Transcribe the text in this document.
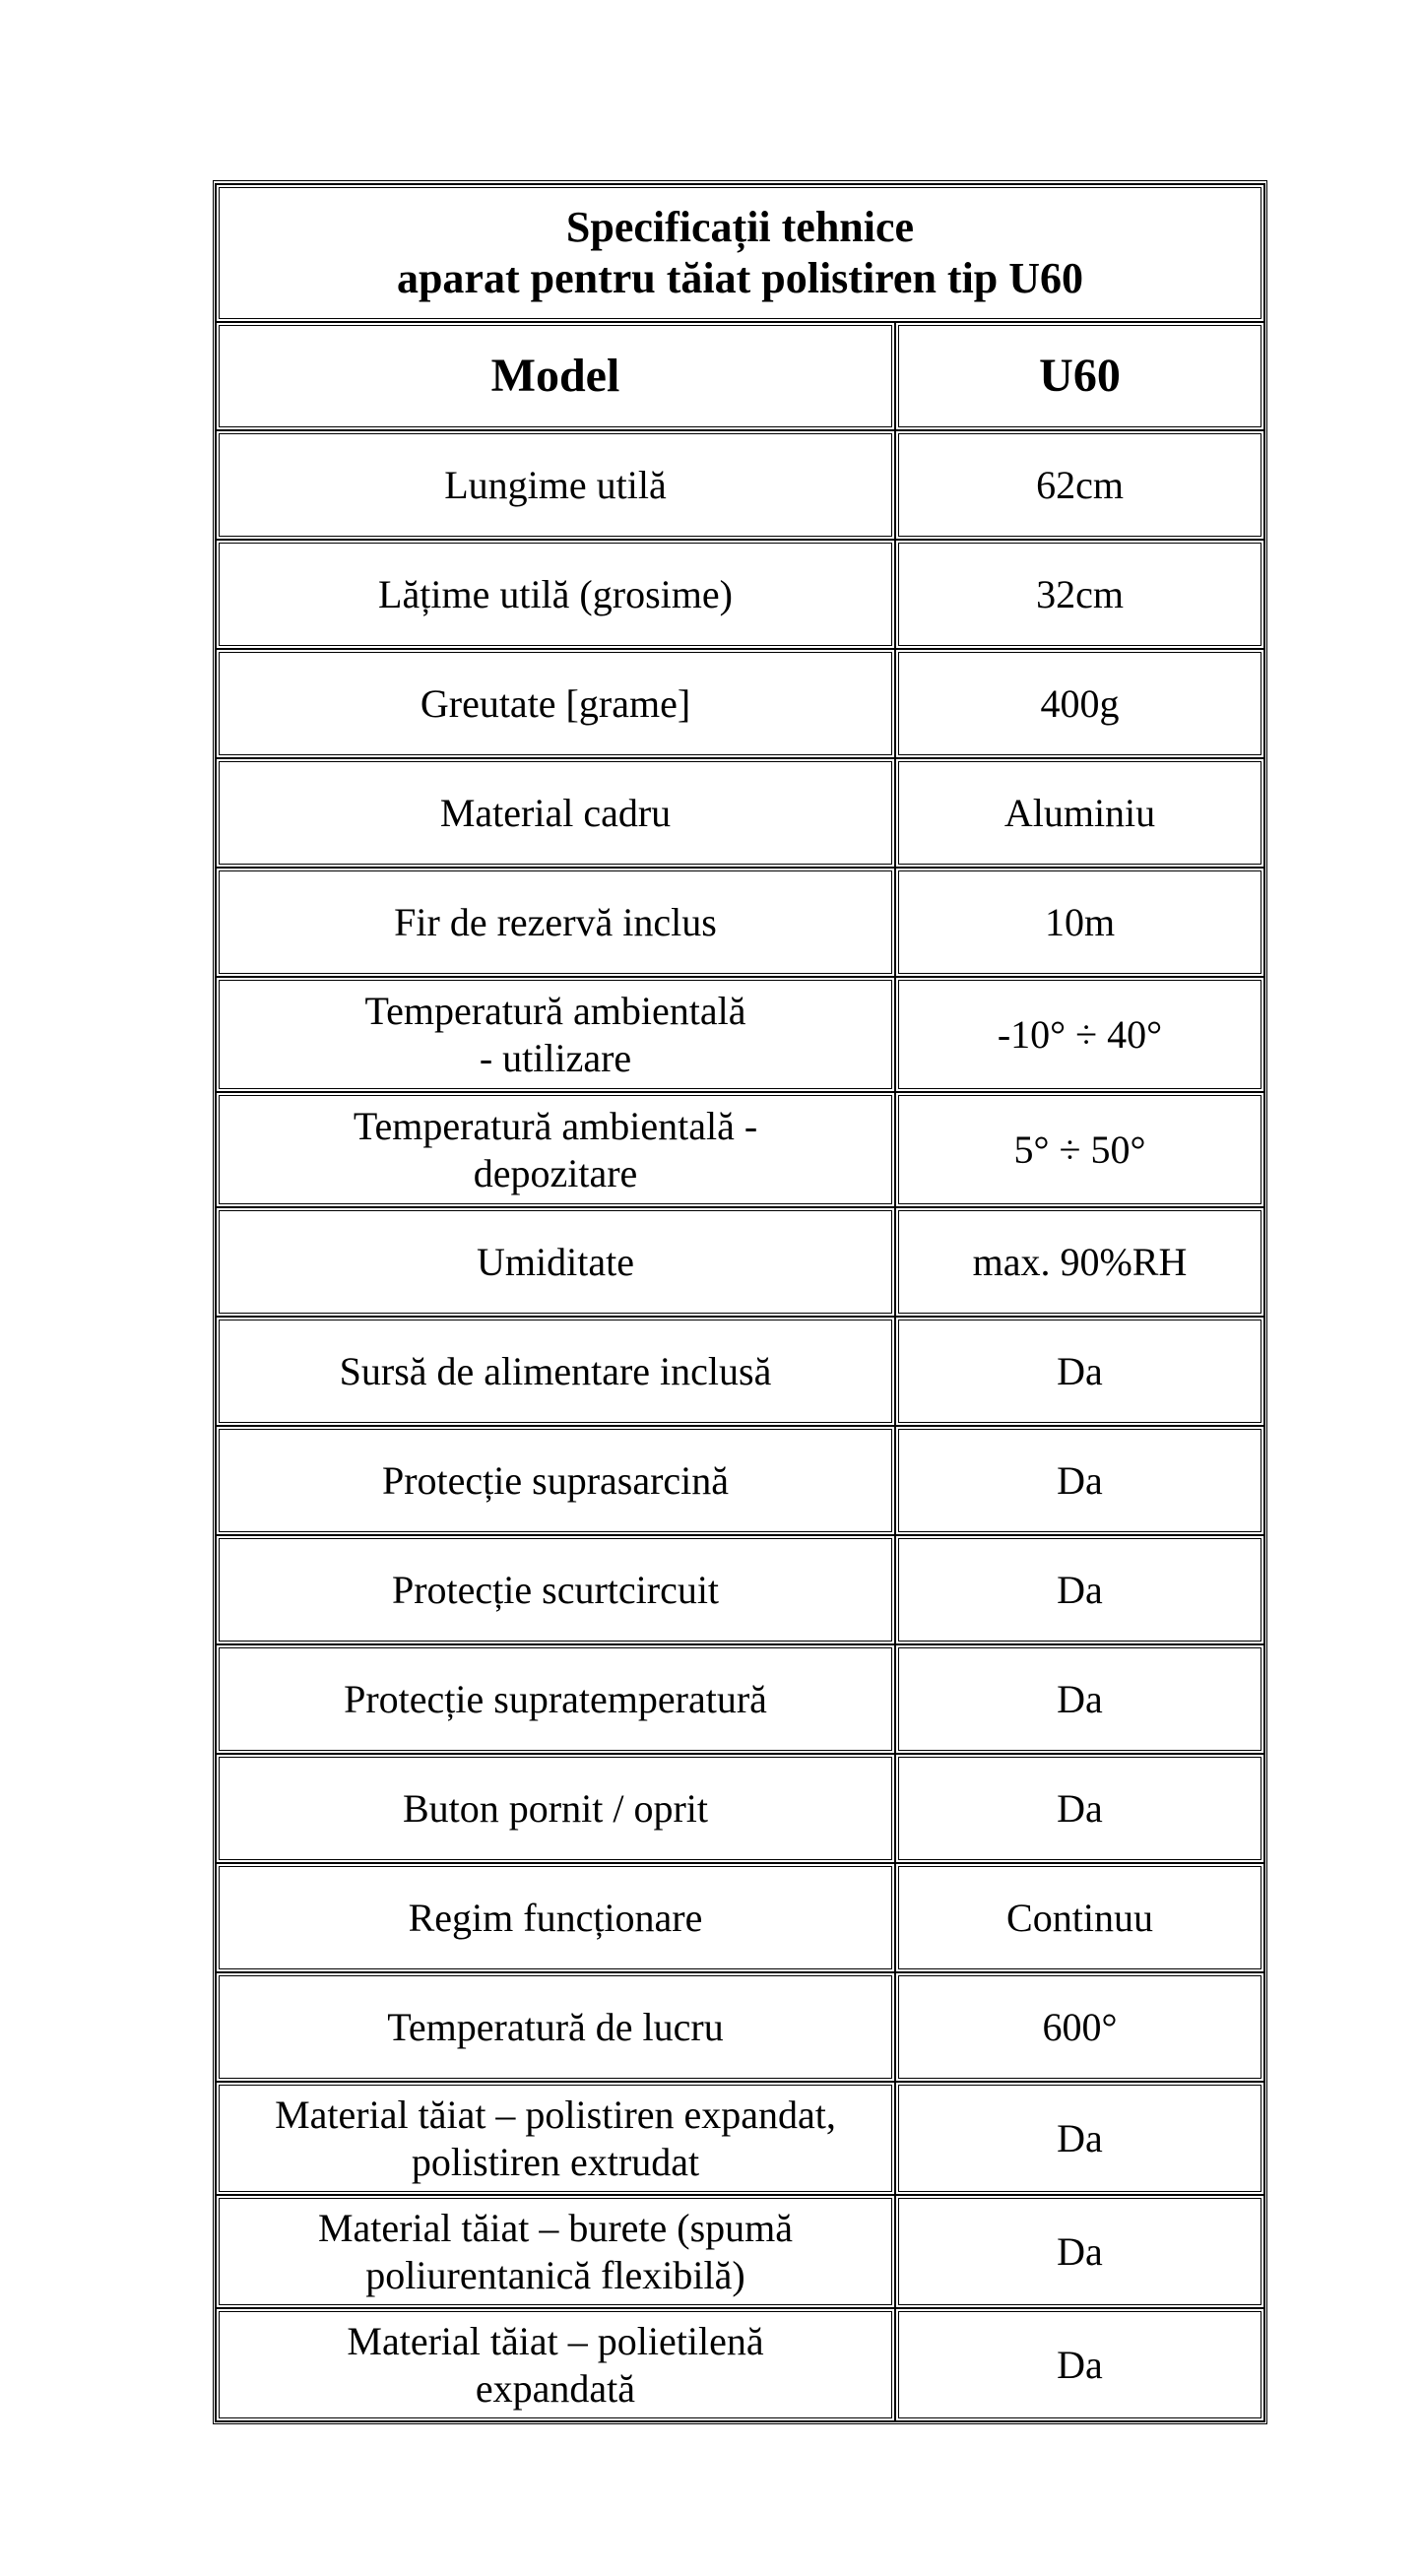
Specificații tehnice
aparat pentru tăiat polistiren tip U60	

Model	U60
Lungime utilă	62cm
Lățime utilă (grosime)	32cm
Greutate [grame]	400g
Material cadru	Aluminiu
Fir de rezervă inclus	10m

Temperatură ambientală
- utilizare	-10° ÷ 40°

Temperatură ambientală -
depozitare	5° ÷ 50°
Umiditate	max. 90%RH
Sursă de alimentare inclusă	Da
Protecție suprasarcină	Da
Protecție scurtcircuit	Da
Protecție supratemperatură	Da
Buton pornit / oprit	Da
Regim funcționare	Continuu
Temperatură de lucru	600°

Material tăiat – polistiren expandat,
polistiren extrudat	Da

Material tăiat – burete (spumă
poliurentanică flexibilă)	Da

Material tăiat – polietilenă
expandată	Da
